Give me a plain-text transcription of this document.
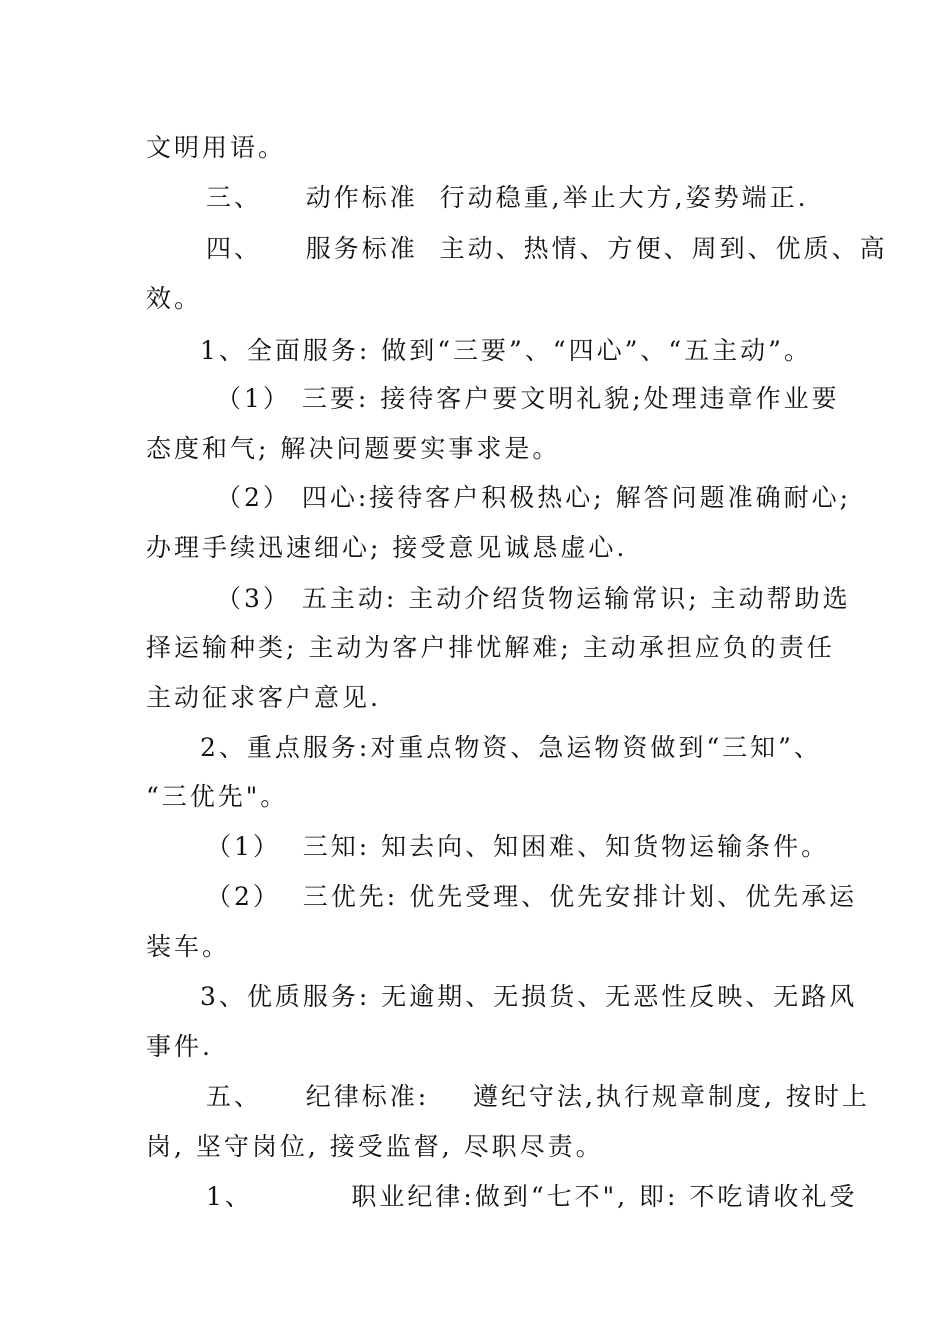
文明用语。
三、    动作标准  行动稳重,举止大方,姿势端正.
四、    服务标准  主动、热情、方便、周到、优质、高
效。
1、全面服务: 做到“三要”、“四心”、“五主动”。
（1） 三要: 接待客户要文明礼貌;处理违章作业要
态度和气; 解决问题要实事求是。
（2） 四心:接待客户积极热心; 解答问题准确耐心;
办理手续迅速细心; 接受意见诚恳虚心.
（3） 五主动: 主动介绍货物运输常识; 主动帮助选
择运输种类; 主动为客户排忧解难; 主动承担应负的责任
主动征求客户意见.
2、重点服务:对重点物资、急运物资做到“三知”、
“三优先"。
（1）  三知: 知去向、知困难、知货物运输条件。
（2）  三优先: 优先受理、优先安排计划、优先承运
装车。
3、优质服务: 无逾期、无损货、无恶性反映、无路风
事件.
五、    纪律标准:    遵纪守法,执行规章制度, 按时上
岗, 坚守岗位, 接受监督, 尽职尽责。
1、         职业纪律:做到“七不", 即: 不吃请收礼受
